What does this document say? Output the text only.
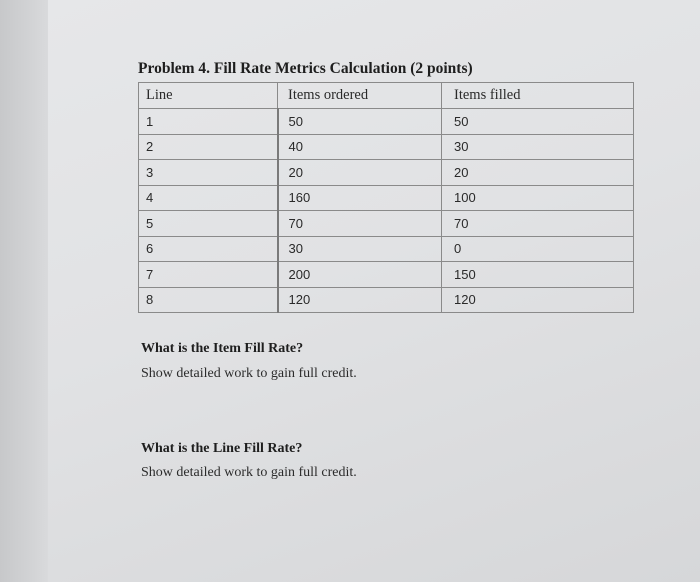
Problem 4. Fill Rate Metrics Calculation (2 points)
Line	Items ordered	Items filled
1	50	50
2	40	30
3	20	20
4	160	100
5	70	70
6	30	0
7	200	150
8	120	120
What is the Item Fill Rate?
Show detailed work to gain full credit.
What is the Line Fill Rate?
Show detailed work to gain full credit.
